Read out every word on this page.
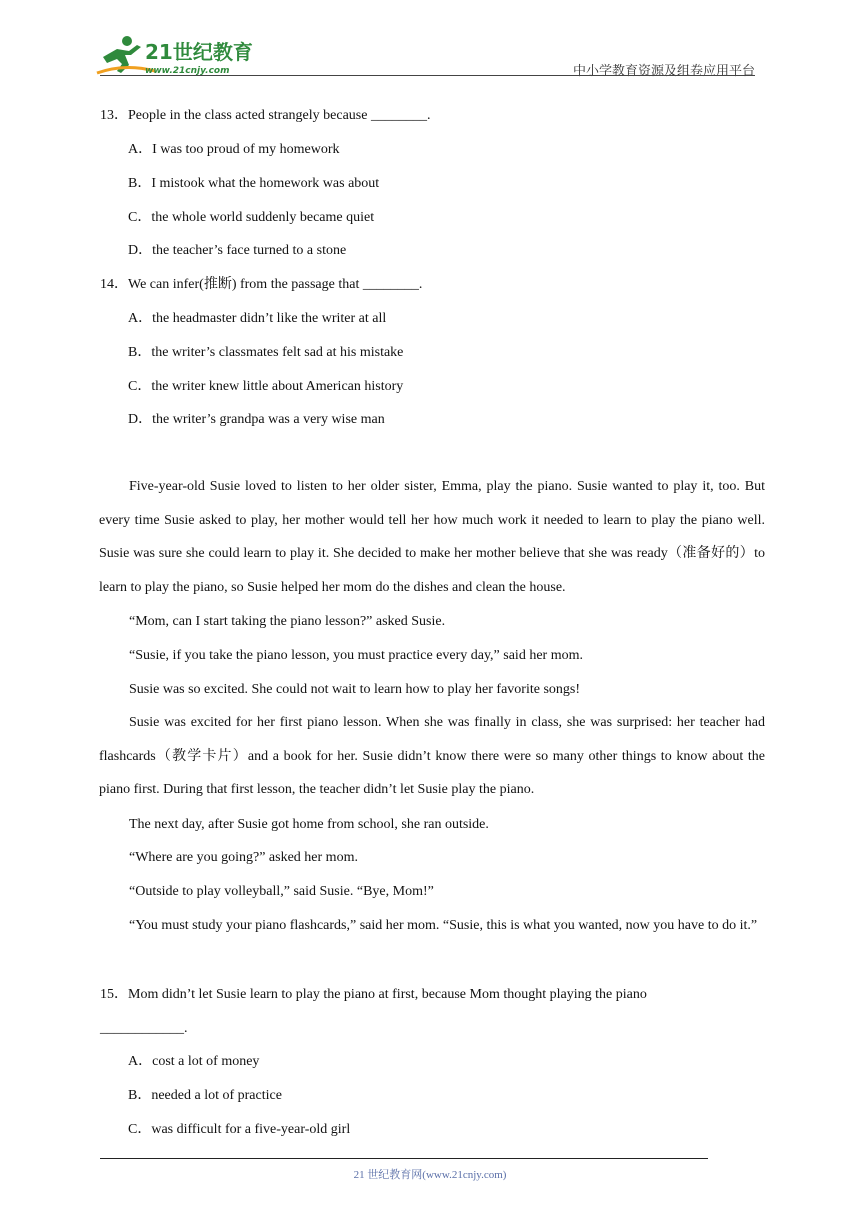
21世纪教育
www.21cnjy.com	中小学教育资源及组卷应用平台
13．People in the class acted strangely because ________.
A．I was too proud of my homework
B．I mistook what the homework was about
C．the whole world suddenly became quiet
D．the teacher’s face turned to a stone
14．We can infer(推断) from the passage that ________.
A．the headmaster didn’t like the writer at all
B．the writer’s classmates felt sad at his mistake
C．the writer knew little about American history
D．the writer’s grandpa was a very wise man

Five-year-old Susie loved to listen to her older sister, Emma, play the piano. Susie wanted to play it, too. But every time Susie asked to play, her mother would tell her how much work it needed to learn to play the piano well. Susie was sure she could learn to play it. She decided to make her mother believe that she was ready（准备好的）to learn to play the piano, so Susie helped her mom do the dishes and clean the house.

“Mom, can I start taking the piano lesson?” asked Susie.

“Susie, if you take the piano lesson, you must practice every day,” said her mom.

Susie was so excited. She could not wait to learn how to play her favorite songs!

Susie was excited for her first piano lesson. When she was finally in class, she was surprised: her teacher had flashcards（教学卡片）and a book for her. Susie didn’t know there were so many other things to know about the piano first. During that first lesson, the teacher didn’t let Susie play the piano.

The next day, after Susie got home from school, she ran outside.

“Where are you going?” asked her mom.

“Outside to play volleyball,” said Susie. “Bye, Mom!”

“You must study your piano flashcards,” said her mom. “Susie, this is what you wanted, now you have to do it.”

15．Mom didn’t let Susie learn to play the piano at first, because Mom thought playing the piano
____________.
A．cost a lot of money
B．needed a lot of practice
C．was difficult for a five-year-old girl
21 世纪教育网(www.21cnjy.com)
